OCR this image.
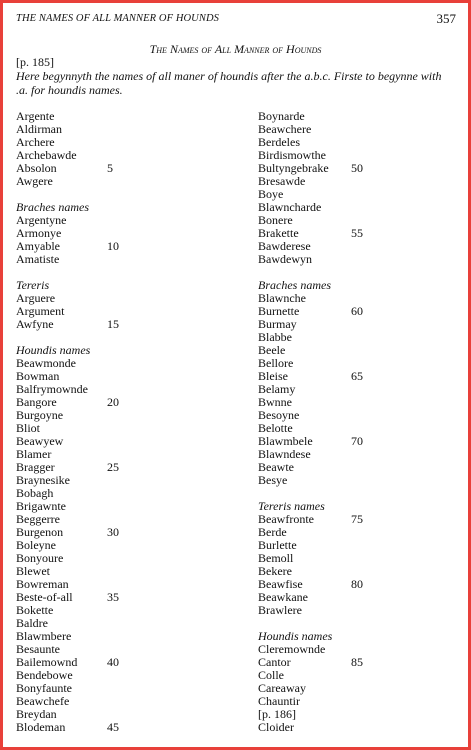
THE NAMES OF ALL MANNER OF HOUNDS	357
The Names of All Manner of Hounds
[p. 185]
Here begynnyth the names of all maner of houndis after the a.b.c. Firste to begynne with .a. for houndis names.
Argente
Aldirman
Archere
Archebawde
Absolon	5
Awgere
Braches names
Argentyne
Armonye
Amyable	10
Amatiste
Tereris
Arguere
Argument
Awfyne	15
Houndis names
Beawmonde
Bowman
Balfrymownde
Bangore	20
Burgoyne
Bliot
Beawyew
Blamer
Bragger	25
Braynesike
Bobagh
Brigawnte
Beggerre
Burgenon	30
Boleyne
Bonyoure
Blewet
Bowreman
Beste-of-all	35
Bokette
Baldre
Blawmbere
Besaunte
Bailemownd 40
Bendebowe
Bonyfaunte
Beawchefe
Breydan
Blodeman	45
Boynarde
Beawchere
Berdeles
Birdismowthe
Bultyngebrake 50
Bresawde
Boye
Blawncharde
Bonere
Brakette	55
Bawderese
Bawdewyn
Braches names
Blawnche
Burnette	60
Burmay
Blabbe
Beele
Bellore
Bleise	65
Belamy
Bwnne
Besoyne
Belotte
Blawmbele	70
Blawndese
Beawte
Besye
Tereris names
Beawfronte	75
Berde
Burlette
Bemoll
Bekere
Beawfise	80
Beawkane
Brawlere
Houndis names
Cleremownde
Cantor	85
Colle
Careaway
Chauntir
[p. 186]
Cloider
